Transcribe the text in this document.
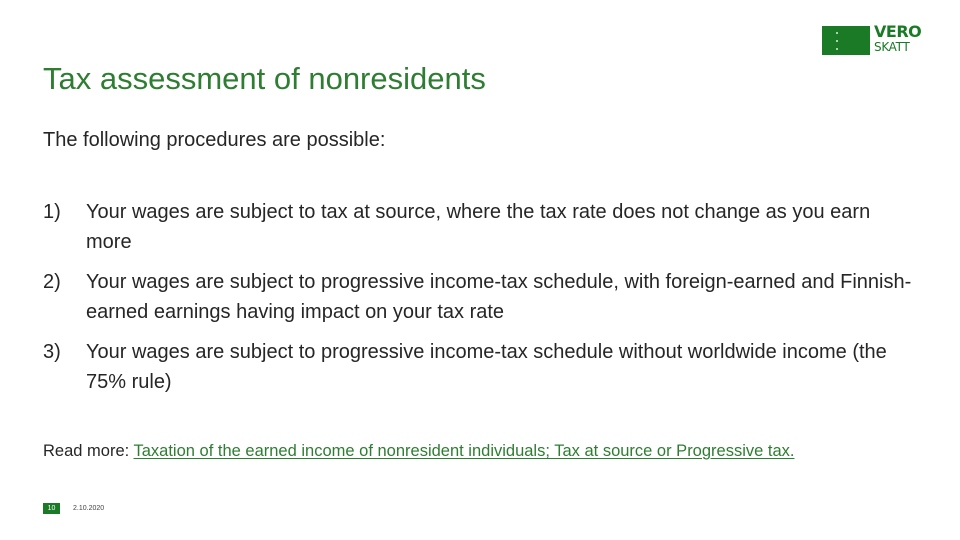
VERO
SKATT
Tax assessment of nonresidents

The following procedures are possible:

1) Your wages are subject to tax at source, where the tax rate does not change as you earn more
2) Your wages are subject to progressive income-tax schedule, with foreign-earned and Finnish-earned earnings having impact on your tax rate
3) Your wages are subject to progressive income-tax schedule without worldwide income (the 75% rule)

Read more: Taxation of the earned income of nonresident individuals; Tax at source or Progressive tax.

10	2.10.2020
